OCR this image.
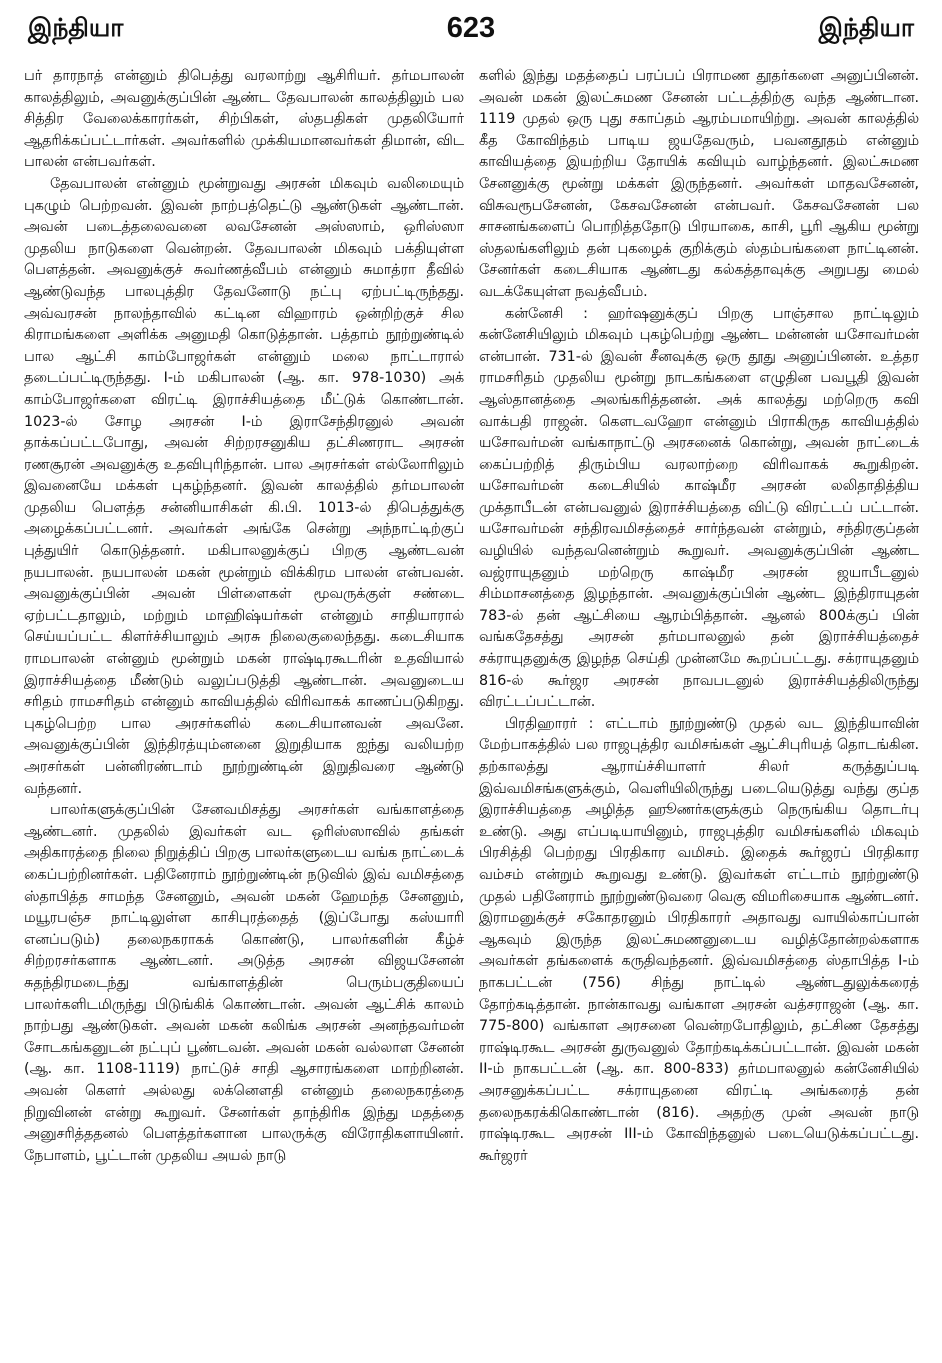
இந்தியா	623	இந்தியா

பர் தாரநாத் என்னும் திபெத்து வரலாற்று ஆசிரியர். தர்மபாலன் காலத்திலும், அவனுக்குப்பின் ஆண்ட தேவபாலன் காலத்திலும் பல சித்திர வேலைக்காரர்கள், சிற்பிகள், ஸ்தபதிகள் முதலியோர் ஆதரிக்கப்பட்டார்கள். அவர்களில் முக்கியமானவர்கள் திமான், விட பாலன் என்பவர்கள்.

தேவபாலன் என்னும் மூன்றுவது அரசன் மிகவும் வலிமையும் புகழும் பெற்றவன். இவன் நாற்பத்தெட்டு ஆண்டுகள் ஆண்டான். அவன் படைத்தலைவனை லவசேனன் அஸ்ஸாம், ஒரிஸ்ஸா முதலிய நாடுகளை வென்றன். தேவபாலன் மிகவும் பக்தியுள்ள பௌத்தன். அவனுக்குச் சுவர்ணத்வீபம் என்னும் சுமாத்ரா தீவில் ஆண்டுவந்த பாலபுத்திர தேவனோடு நட்பு ஏற்பட்டிருந்தது. அவ்வரசன் நாலந்தாவில் கட்டின விஹாரம் ஒன்றிற்குச் சில கிராமங்களை அளிக்க அனுமதி கொடுத்தான். பத்தாம் நூற்றுண்டில் பால ஆட்சி காம்போஜர்கள் என்னும் மலை நாட்டாரால் தடைப்பட்டிருந்தது. I-ம் மகிபாலன் (ஆ. கா. 978-1030) அக் காம்போஜர்களை விரட்டி இராச்சியத்தை மீட்டுக் கொண்டான். 1023-ல் சோழ அரசன் I-ம் இராசேந்திரனுல் அவன் தாக்கப்பட்டபோது, அவன் சிற்றரசனுகிய தட்சிணராட அரசன் ரணசூரன் அவனுக்கு உதவிபுரிந்தான். பால அரசர்கள் எல்லோரிலும் இவனையே மக்கள் புகழ்ந்தனர். இவன் காலத்தில் தர்மபாலன் முதலிய பௌத்த சன்னியாசிகள் கி.பி. 1013-ல் திபெத்துக்கு அழைக்கப்பட்டனர். அவர்கள் அங்கே சென்று அந்நாட்டிற்குப் புத்துயிர் கொடுத்தனர். மகிபாலனுக்குப் பிறகு ஆண்டவன் நயபாலன். நயபாலன் மகன் மூன்றும் விக்கிரம பாலன் என்பவன். அவனுக்குப்பின் அவன் பிள்ளைகள் மூவருக்குள் சண்டை ஏற்பட்டதாலும், மற்றும் மாஹிஷ்யர்கள் என்னும் சாதியாரால் செய்யப்பட்ட கிளர்ச்சியாலும் அரசு நிலைகுலைந்தது. கடைசியாக ராமபாலன் என்னும் மூன்றும் மகன் ராஷ்டிரகூடரின் உதவியால் இராச்சியத்தை மீண்டும் வலுப்படுத்தி ஆண்டான். அவனுடைய சரிதம் ராமசரிதம் என்னும் காவியத்தில் விரிவாகக் காணப்படுகிறது. புகழ்பெற்ற பால அரசர்களில் கடைசியானவன் அவனே. அவனுக்குப்பின் இந்திரத்யும்னனை இறுதியாக ஐந்து வலியற்ற அரசர்கள் பன்னிரண்டாம் நூற்றுண்டின் இறுதிவரை ஆண்டு வந்தனர்.

பாலர்களுக்குப்பின் சேனவமிசத்து அரசர்கள் வங்காளத்தை ஆண்டனர். முதலில் இவர்கள் வட ஒரிஸ்ஸாவில் தங்கள் அதிகாரத்தை நிலை நிறுத்திப் பிறகு பாலர்களுடைய வங்க நாட்டைக் கைப்பற்றினர்கள். பதினேராம் நூற்றுண்டின் நடுவில் இவ் வமிசத்தை ஸ்தாபித்த சாமந்த சேனனும், அவன் மகன் ஹேமந்த சேனனும், மயூரபஞ்ச நாட்டிலுள்ள காசிபுரத்தைத் (இப்போது கஸ்யாரி எனப்படும்) தலைநகராகக் கொண்டு, பாலர்களின் கீழ்ச் சிற்றரசர்களாக ஆண்டனர். அடுத்த அரசன் விஜயசேனன் சுதந்திரமடைந்து வங்காளத்தின் பெரும்பகுதியைப் பாலர்களிடமிருந்து பிடுங்கிக் கொண்டான். அவன் ஆட்சிக் காலம் நாற்பது ஆண்டுகள். அவன் மகன் கலிங்க அரசன் அனந்தவர்மன் சோடகங்கனுடன் நட்புப் பூண்டவன். அவன் மகன் வல்லாள சேனன் (ஆ. கா. 1108-1119) நாட்டுச் சாதி ஆசாரங்களை மாற்றினன். அவன் கௌர் அல்லது லக்னௌதி என்னும் தலைநகரத்தை நிறுவினன் என்று கூறுவர். சேனர்கள் தாந்திரிக இந்து மதத்தை அனுசரித்ததனல் பௌத்தர்களான பாலருக்கு விரோதிகளாயினர். நேபாளம், பூட்டான் முதலிய அயல் நாடு

களில் இந்து மதத்தைப் பரப்பப் பிராமண தூதர்களை அனுப்பினன். அவன் மகன் இலட்சுமண சேனன் பட்டத்திற்கு வந்த ஆண்டான. 1119 முதல் ஒரு புது சகாப்தம் ஆரம்பமாயிற்று. அவன் காலத்தில் கீத கோவிந்தம் பாடிய ஜயதேவரும், பவனதூதம் என்னும் காவியத்தை இயற்றிய தோயிக் கவியும் வாழ்ந்தனர். இலட்சுமண சேனனுக்கு மூன்று மக்கள் இருந்தனர். அவர்கள் மாதவசேனன், விசுவரூபசேனன், கேசவசேனன் என்பவர். கேசவசேனன் பல சாசனங்களைப் பொறித்ததோடு பிரயாகை, காசி, பூரி ஆகிய மூன்று ஸ்தலங்களிலும் தன் புகழைக் குறிக்கும் ஸ்தம்பங்களை நாட்டினன். சேனர்கள் கடைசியாக ஆண்டது கல்கத்தாவுக்கு அறுபது மைல் வடக்கேயுள்ள நவத்வீபம்.

கன்னேசி : ஹர்ஷனுக்குப் பிறகு பாஞ்சால நாட்டிலும் கன்னேசியிலும் மிகவும் புகழ்பெற்று ஆண்ட மன்னன் யசோவர்மன் என்பான். 731-ல் இவன் சீனவுக்கு ஒரு தூது அனுப்பினன். உத்தர ராமசரிதம் முதலிய மூன்று நாடகங்களை எழுதின பவபூதி இவன் ஆஸ்தானத்தை அலங்கரித்தனன். அக் காலத்து மற்றெரு கவி வாக்பதி ராஜன். கௌடவஹோ என்னும் பிராகிருத காவியத்தில் யசோவர்மன் வங்காநாட்டு அரசனைக் கொன்று, அவன் நாட்டைக் கைப்பற்றித் திரும்பிய வரலாற்றை விரிவாகக் கூறுகிறன். யசோவர்மன் கடைசியில் காஷ்மீர அரசன் லலிதாதித்திய முக்தாபீடன் என்பவனுல் இராச்சியத்தை விட்டு விரட்டப் பட்டான். யசோவர்மன் சந்திரவமிசத்தைச் சார்ந்தவன் என்றும், சந்திரகுப்தன் வழியில் வந்தவனென்றும் கூறுவர். அவனுக்குப்பின் ஆண்ட வஜ்ராயுதனும் மற்றெரு காஷ்மீர அரசன் ஜயாபீடனுல் சிம்மாசனத்தை இழந்தான். அவனுக்குப்பின் ஆண்ட இந்திராயுதன் 783-ல் தன் ஆட்சியை ஆரம்பித்தான். ஆனல் 800க்குப் பின் வங்கதேசத்து அரசன் தர்மபாலனுல் தன் இராச்சியத்தைச் சக்ராயுதனுக்கு இழந்த செய்தி முன்னமே கூறப்பட்டது. சக்ராயுதனும் 816-ல் கூர்ஜர அரசன் நாவபடனுல் இராச்சியத்திலிருந்து விரட்டப்பட்டான்.

பிரதிஹாரர் : எட்டாம் நூற்றுண்டு முதல் வட இந்தியாவின் மேற்பாகத்தில் பல ராஜபுத்திர வமிசங்கள் ஆட்சிபுரியத் தொடங்கின. தற்காலத்து ஆராய்ச்சியாளர் சிலர் கருத்துப்படி இவ்வமிசங்களுக்கும், வெளியிலிருந்து படையெடுத்து வந்து குப்த இராச்சியத்தை அழித்த ஹூணர்களுக்கும் நெருங்கிய தொடர்பு உண்டு. அது எப்படியாயினும், ராஜபுத்திர வமிசங்களில் மிகவும் பிரசித்தி பெற்றது பிரதிகார வமிசம். இதைக் கூர்ஜரப் பிரதிகார வம்சம் என்றும் கூறுவது உண்டு. இவர்கள் எட்டாம் நூற்றுண்டு முதல் பதினேராம் நூற்றுண்டுவரை வெகு விமரிசையாக ஆண்டனர். இராமனுக்குச் சகோதரனும் பிரதிகாரர் அதாவது வாயில்காப்பான் ஆகவும் இருந்த இலட்சுமணனுடைய வழித்தோன்றல்களாக அவர்கள் தங்களைக் கருதிவந்தனர். இவ்வமிசத்தை ஸ்தாபித்த I-ம் நாகபட்டன் (756) சிந்து நாட்டில் ஆண்டதுலுக்கரைத் தோற்கடித்தான். நான்காவது வங்காள அரசன் வத்சராஜன் (ஆ. கா. 775-800) வங்காள அரசனை வென்றபோதிலும், தட்சிண தேசத்து ராஷ்டிரகூட அரசன் துருவனுல் தோற்கடிக்கப்பட்டான். இவன் மகன் II-ம் நாகபட்டன் (ஆ. கா. 800-833) தர்மபாலனுல் கன்னேசியில் அரசனுக்கப்பட்ட சக்ராயுதனை விரட்டி அங்கரைத் தன் தலைநகரக்கிகொண்டான் (816). அதற்கு முன் அவன் நாடு ராஷ்டிரகூட அரசன் III-ம் கோவிந்தனுல் படையெடுக்கப்பட்டது. கூர்ஜரர்
